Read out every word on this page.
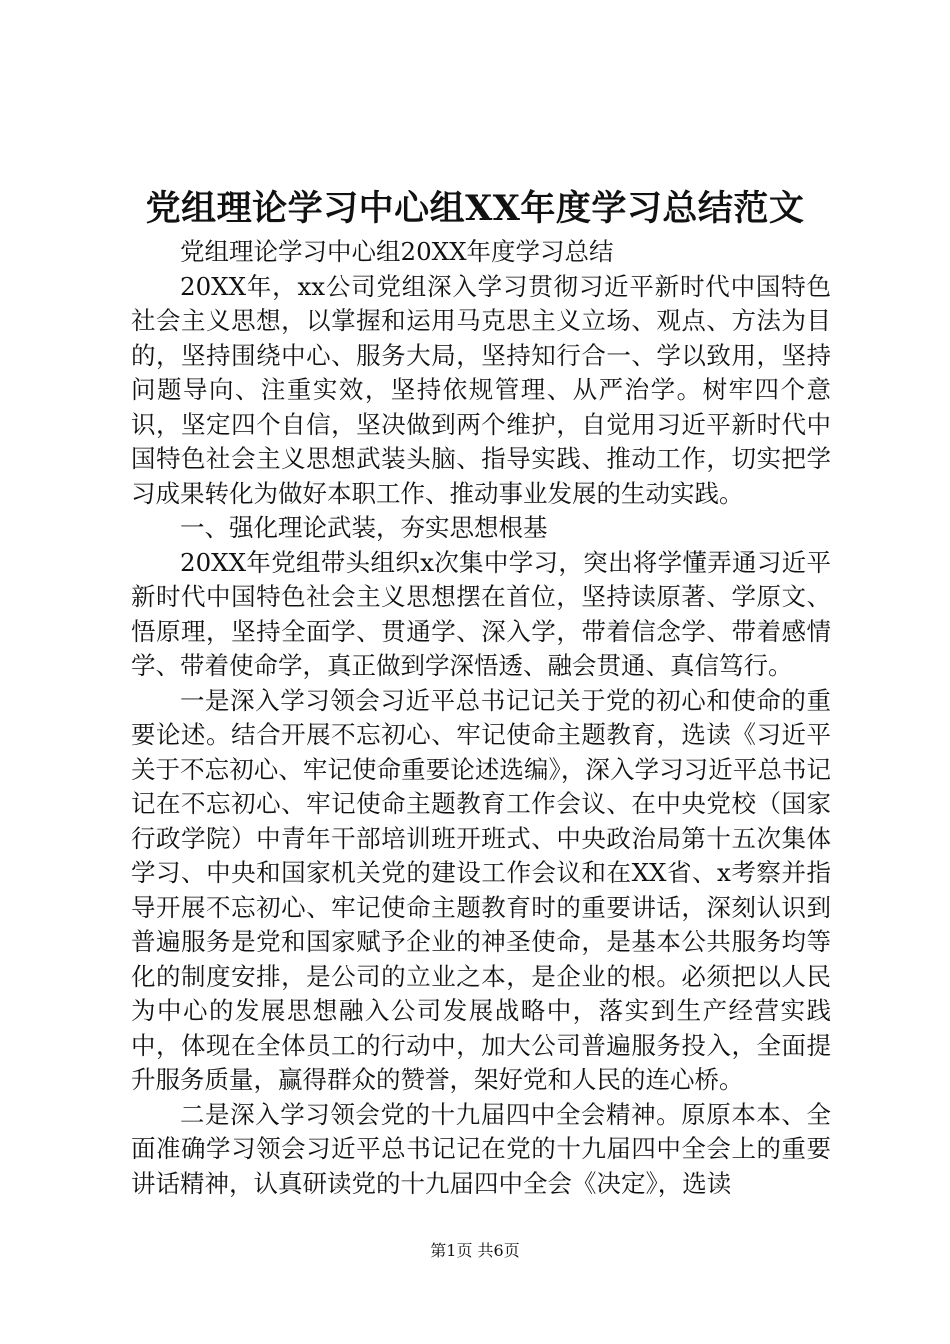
党组理论学习中心组XX年度学习总结范文

党组理论学习中心组20XX年度学习总结

20XX年，xx公司党组深入学习贯彻习近平新时代中国特色社会主义思想，以掌握和运用马克思主义立场、观点、方法为目的，坚持围绕中心、服务大局，坚持知行合一、学以致用，坚持问题导向、注重实效，坚持依规管理、从严治学。树牢四个意识，坚定四个自信，坚决做到两个维护，自觉用习近平新时代中国特色社会主义思想武装头脑、指导实践、推动工作，切实把学习成果转化为做好本职工作、推动事业发展的生动实践。

一、强化理论武装，夯实思想根基

20XX年党组带头组织x次集中学习，突出将学懂弄通习近平新时代中国特色社会主义思想摆在首位，坚持读原著、学原文、悟原理，坚持全面学、贯通学、深入学，带着信念学、带着感情学、带着使命学，真正做到学深悟透、融会贯通、真信笃行。

一是深入学习领会习近平总书记记关于党的初心和使命的重要论述。结合开展不忘初心、牢记使命主题教育，选读《习近平关于不忘初心、牢记使命重要论述选编》，深入学习习近平总书记记在不忘初心、牢记使命主题教育工作会议、在中央党校（国家行政学院）中青年干部培训班开班式、中央政治局第十五次集体学习、中央和国家机关党的建设工作会议和在XX省、x考察并指导开展不忘初心、牢记使命主题教育时的重要讲话，深刻认识到普遍服务是党和国家赋予企业的神圣使命，是基本公共服务均等化的制度安排，是公司的立业之本，是企业的根。必须把以人民为中心的发展思想融入公司发展战略中，落实到生产经营实践中，体现在全体员工的行动中，加大公司普遍服务投入，全面提升服务质量，赢得群众的赞誉，架好党和人民的连心桥。

二是深入学习领会党的十九届四中全会精神。原原本本、全面准确学习领会习近平总书记记在党的十九届四中全会上的重要讲话精神，认真研读党的十九届四中全会《决定》，选读

第1页 共6页
